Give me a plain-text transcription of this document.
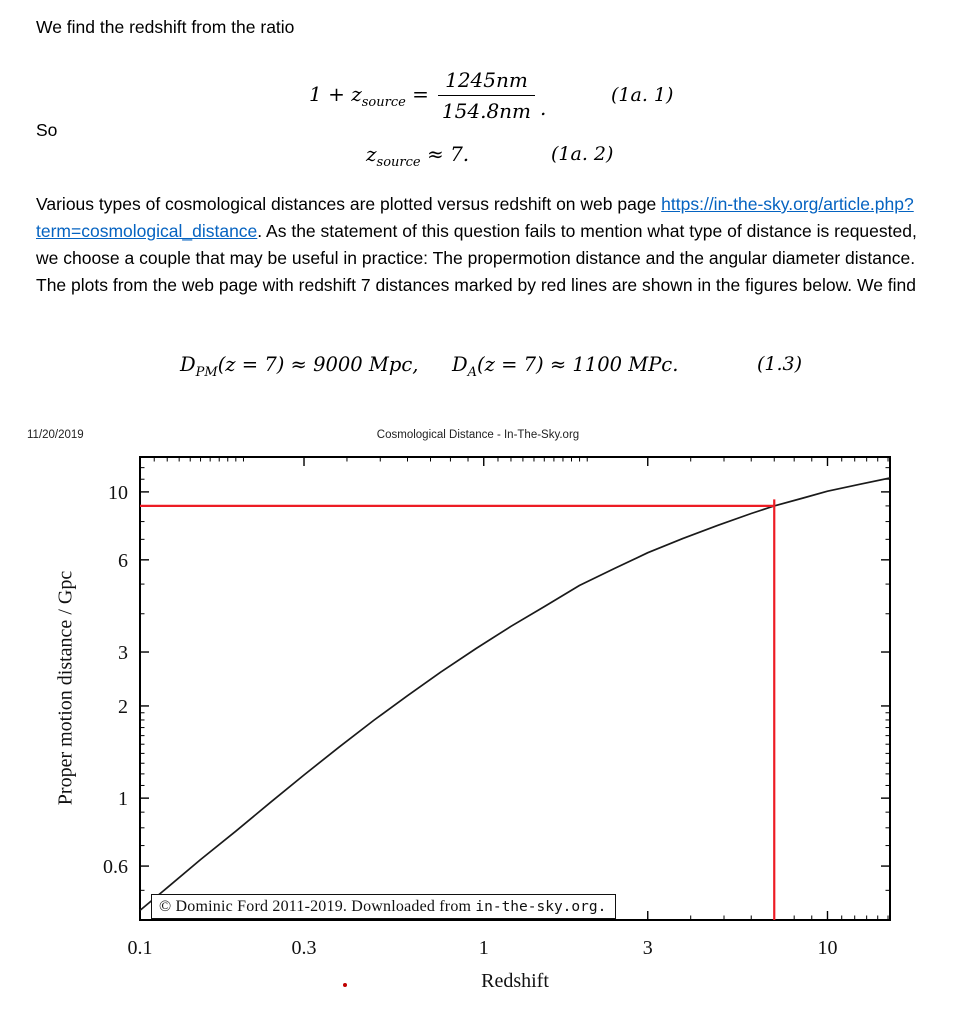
We find the redshift from the ratio

$1 + z_{source} = \frac{1245nm}{154.8nm}$ .
(1a. 1)

So

$z_{source} \approx 7$.	(1a. 2)

Various types of cosmological distances are plotted versus redshift on web page https://in-the-sky.org/article.php?term=cosmological_distance. As the statement of this question fails to mention what type of distance is requested, we choose a couple that may be useful in practice: The propermotion distance and the angular diameter distance. The plots from the web page with redshift 7 distances marked by red lines are shown in the figures below. We find

$D_{PM}(z = 7) \approx 9000$ Mpc, $D_A(z = 7) \approx 1100$ MPc.	(1.3)
11/20/2019	Cosmological Distance - In-The-Sky.org
0.1	0.3	1	3	10
0.6
1
2
3
6
10
Proper motion distance / Gpc
© Dominic Ford 2011-2019. Downloaded from in-the-sky.org.
Redshift
